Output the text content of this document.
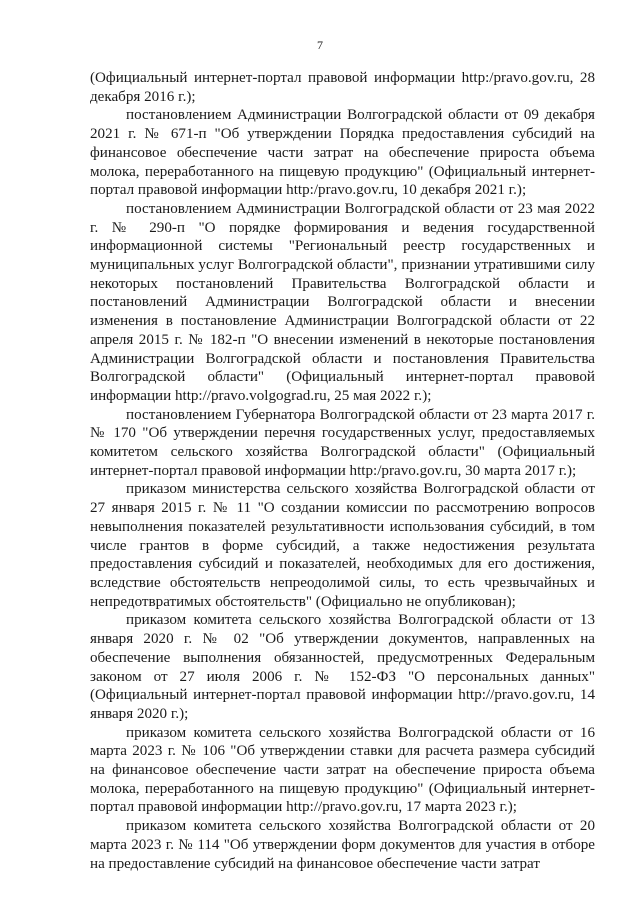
7

(Официальный интернет-портал правовой информации http:/pravo.gov.ru, 28 декабря 2016 г.);

постановлением Администрации Волгоградской области от 09 декабря 2021 г. № 671-п "Об утверждении Порядка предоставления субсидий на финансовое обеспечение части затрат на обеспечение прироста объема молока, переработанного на пищевую продукцию" (Официальный интернет-портал правовой информации http:/pravo.gov.ru, 10 декабря 2021 г.);

постановлением Администрации Волгоградской области от 23 мая 2022 г. № 290-п "О порядке формирования и ведения государственной информационной системы "Региональный реестр государственных и муниципальных услуг Волгоградской области", признании утратившими силу некоторых постановлений Правительства Волгоградской области и постановлений Администрации Волгоградской области и внесении изменения в постановление Администрации Волгоградской области от 22 апреля 2015 г. № 182-п "О внесении изменений в некоторые постановления Администрации Волгоградской области и постановления Правительства Волгоградской области" (Официальный интернет-портал правовой информации http://pravo.volgograd.ru, 25 мая 2022 г.);

постановлением Губернатора Волгоградской области от 23 марта 2017 г. № 170 "Об утверждении перечня государственных услуг, предоставляемых комитетом сельского хозяйства Волгоградской области" (Официальный интернет-портал правовой информации http:/pravo.gov.ru, 30 марта 2017 г.);

приказом министерства сельского хозяйства Волгоградской области от 27 января 2015 г. № 11 "О создании комиссии по рассмотрению вопросов невыполнения показателей результативности использования субсидий, в том числе грантов в форме субсидий, а также недостижения результата предоставления субсидий и показателей, необходимых для его достижения, вследствие обстоятельств непреодолимой силы, то есть чрезвычайных и непредотвратимых обстоятельств" (Официально не опубликован);

приказом комитета сельского хозяйства Волгоградской области от 13 января 2020 г. № 02 "Об утверждении документов, направленных на обеспечение выполнения обязанностей, предусмотренных Федеральным законом от 27 июля 2006 г. № 152-ФЗ "О персональных данных" (Официальный интернет-портал правовой информации http://pravo.gov.ru, 14 января 2020 г.);

приказом комитета сельского хозяйства Волгоградской области от 16 марта 2023 г. № 106 "Об утверждении ставки для расчета размера субсидий на финансовое обеспечение части затрат на обеспечение прироста объема молока, переработанного на пищевую продукцию" (Официальный интернет-портал правовой информации http://pravo.gov.ru, 17 марта 2023 г.);

приказом комитета сельского хозяйства Волгоградской области от 20 марта 2023 г. № 114 "Об утверждении форм документов для участия в отборе на предоставление субсидий на финансовое обеспечение части затрат
